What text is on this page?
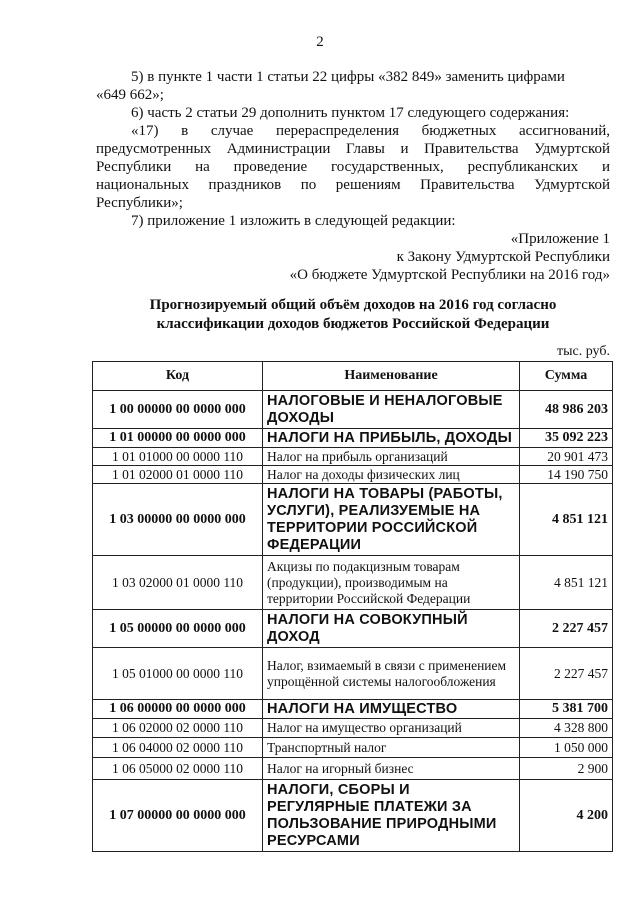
2
5) в пункте 1 части 1 статьи 22 цифры «382 849» заменить цифрами
«649 662»;
6) часть 2 статьи 29 дополнить пунктом 17 следующего содержания:
«17) в случае перераспределения бюджетных ассигнований,
предусмотренных Администрации Главы и Правительства Удмуртской
Республики на проведение государственных, республиканских и
национальных праздников по решениям Правительства Удмуртской
Республики»;
7) приложение 1 изложить в следующей редакции:
«Приложение 1
к Закону Удмуртской Республики
«О бюджете Удмуртской Республики на 2016 год»
Прогнозируемый общий объём доходов на 2016 год согласно
классификации доходов бюджетов Российской Федерации
тыс. руб.
Код	Наименование	Сумма
1 00 00000 00 0000 000	НАЛОГОВЫЕ И НЕНАЛОГОВЫЕ ДОХОДЫ	48 986 203
1 01 00000 00 0000 000	НАЛОГИ НА ПРИБЫЛЬ, ДОХОДЫ	35 092 223
1 01 01000 00 0000 110	Налог на прибыль организаций	20 901 473
1 01 02000 01 0000 110	Налог на доходы физических лиц	14 190 750
1 03 00000 00 0000 000	НАЛОГИ НА ТОВАРЫ (РАБОТЫ, УСЛУГИ), РЕАЛИЗУЕМЫЕ НА ТЕРРИТОРИИ РОССИЙСКОЙ ФЕДЕРАЦИИ	4 851 121
1 03 02000 01 0000 110	Акцизы по подакцизным товарам (продукции), производимым на территории Российской Федерации	4 851 121
1 05 00000 00 0000 000	НАЛОГИ НА СОВОКУПНЫЙ ДОХОД	2 227 457
1 05 01000 00 0000 110	Налог, взимаемый в связи с применением упрощённой системы налогообложения	2 227 457
1 06 00000 00 0000 000	НАЛОГИ НА ИМУЩЕСТВО	5 381 700
1 06 02000 02 0000 110	Налог на имущество организаций	4 328 800
1 06 04000 02 0000 110	Транспортный налог	1 050 000
1 06 05000 02 0000 110	Налог на игорный бизнес	2 900
1 07 00000 00 0000 000	НАЛОГИ, СБОРЫ И РЕГУЛЯРНЫЕ ПЛАТЕЖИ ЗА ПОЛЬЗОВАНИЕ ПРИРОДНЫМИ РЕСУРСАМИ	4 200
